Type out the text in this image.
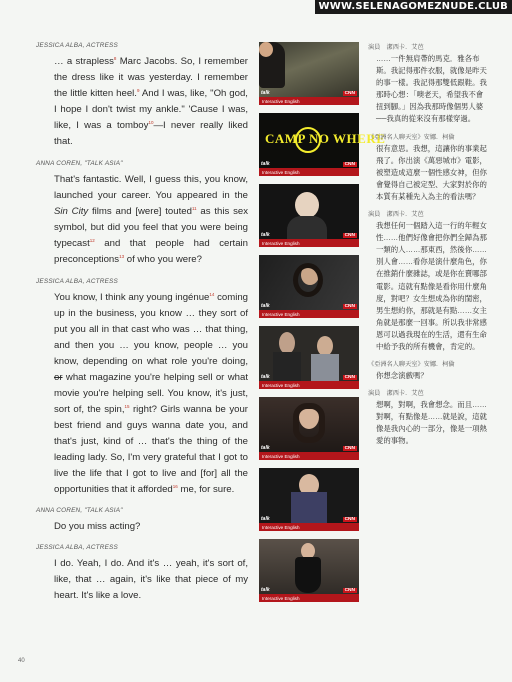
WWW.SELENAGOMEZNUDE.CLUB
JESSICA ALBA, ACTRESS

… a strapless$^8$ Marc Jacobs. So, I remember the dress like it was yesterday. I remember the little kitten heel.$^9$ And I was, like, "Oh god, I hope I don't twist my ankle." 'Cause I was, like, I was a tomboy$^{10}$—I never really liked that.

ANNA COREN, "TALK ASIA"

That's fantastic. Well, I guess this, you know, launched your career. You appeared in the Sin City films and [were] touted$^{11}$ as this sex symbol, but did you feel that you were being typecast$^{12}$ and that people had certain preconceptions$^{13}$ of who you were?

JESSICA ALBA, ACTRESS

You know, I think any young ingénue$^{14}$ coming up in the business, you know … they sort of put you all in that cast who was … that thing, and then you … you know, people … you know, depending on what role you're doing, or what magazine you're helping sell or what movie you're helping sell. You know, it's just, sort of, the spin,$^{15}$ right? Girls wanna be your best friend and guys wanna date you, and that's just, kind of … that's the thing of the leading lady. So, I'm very grateful that I got to live the life that I got to live and [for] all the opportunities that it afforded$^{16}$ me, for sure.

ANNA COREN, "TALK ASIA"

Do you miss acting?

JESSICA ALBA, ACTRESS

I do. Yeah, I do. And it's … yeah, it's sort of, like, that … again, it's like that piece of my heart. It's like a love.

talk	CNN
Interactive English
CAMP NO WHERE
talk	CNN
Interactive English
talk	CNN
Interactive English
talk	CNN
Interactive English
talk	CNN
Interactive English
talk	CNN
Interactive English
talk	CNN
Interactive English
talk	CNN
Interactive English
演員　潔西卡．艾芭

……一件無肩帶的馬克．雅各布斯。我記得那件衣服，就像是昨天的事一樣。我記得那雙低跟鞋。我那時心想：「噢老天，希望我不會扭到腳。」因為我那時像個男人婆──我真的從來沒有那樣穿過。

《亞洲名人聊天室》安娜．柯倫

很有意思。我想，這讓你的事業起飛了。你出演《萬惡城市》電影，被塑造成這麼一個性感女神，但你會覺得自己被定型、大家對於你的本質有某種先入為主的看法嗎？

演員　潔西卡．艾芭

我想任何一個踏入這一行的年輕女性……他們好像會把你們全歸為那一類的人……那東西，然後你……別人會……看你是演什麼角色，你在推銷什麼雜誌，或是你在賣哪部電影。這就有點像是看你用什麼角度，對吧？女生想成為你的閨密，男生想約你，那就是有點……女主角就是那麼一回事。所以我非常感恩可以過我現在的生活，還有生命中給予我的所有機會，肯定的。

《亞洲名人聊天室》安娜．柯倫

你想念演戲嗎？

演員　潔西卡．艾芭

想啊，對啊，我會想念。而且……對啊，有點像是……就是說，這就像是我內心的一部分，像是一項熱愛的事物。

40
